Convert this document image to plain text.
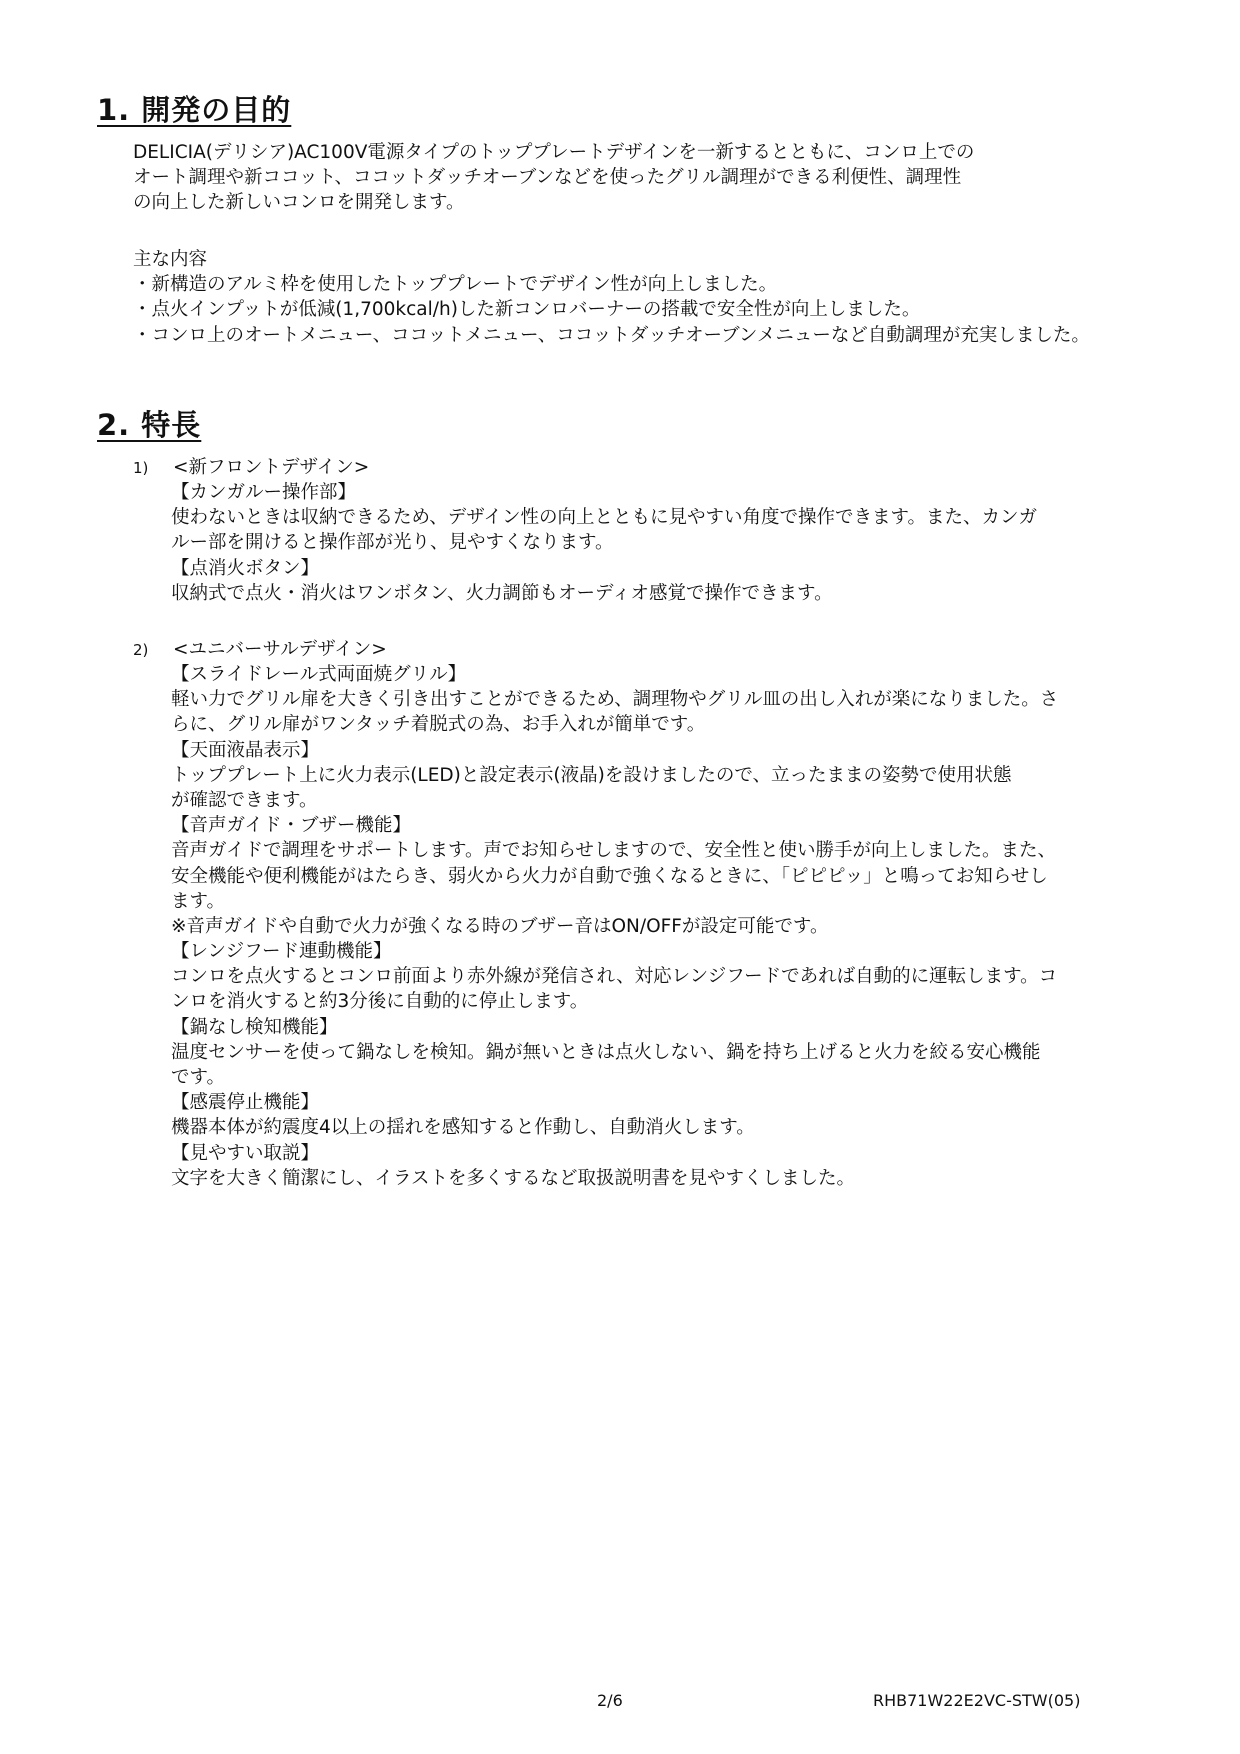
1. 開発の目的
DELICIA(デリシア)AC100V電源タイプのトッププレートデザインを一新するとともに、コンロ上での
オート調理や新ココット、ココットダッチオーブンなどを使ったグリル調理ができる利便性、調理性
の向上した新しいコンロを開発します。
主な内容
・新構造のアルミ枠を使用したトッププレートでデザイン性が向上しました。
・点火インプットが低減(1,700kcal/h)した新コンロバーナーの搭載で安全性が向上しました。
・コンロ上のオートメニュー、ココットメニュー、ココットダッチオーブンメニューなど自動調理が充実しました。
2. 特長
1) <新フロントデザイン>
【カンガルー操作部】
使わないときは収納できるため、デザイン性の向上とともに見やすい角度で操作できます。また、カンガ
ルー部を開けると操作部が光り、見やすくなります。
【点消火ボタン】
収納式で点火・消火はワンボタン、火力調節もオーディオ感覚で操作できます。
2) <ユニバーサルデザイン>
【スライドレール式両面焼グリル】
軽い力でグリル扉を大きく引き出すことができるため、調理物やグリル皿の出し入れが楽になりました。さ
らに、グリル扉がワンタッチ着脱式の為、お手入れが簡単です。
【天面液晶表示】
トッププレート上に火力表示(LED)と設定表示(液晶)を設けましたので、立ったままの姿勢で使用状態
が確認できます。
【音声ガイド・ブザー機能】
音声ガイドで調理をサポートします。声でお知らせしますので、安全性と使い勝手が向上しました。また、
安全機能や便利機能がはたらき、弱火から火力が自動で強くなるときに、「ピピピッ」と鳴ってお知らせし
ます。
※音声ガイドや自動で火力が強くなる時のブザー音はON/OFFが設定可能です。
【レンジフード連動機能】
コンロを点火するとコンロ前面より赤外線が発信され、対応レンジフードであれば自動的に運転します。コ
ンロを消火すると約3分後に自動的に停止します。
【鍋なし検知機能】
温度センサーを使って鍋なしを検知。鍋が無いときは点火しない、鍋を持ち上げると火力を絞る安心機能
です。
【感震停止機能】
機器本体が約震度4以上の揺れを感知すると作動し、自動消火します。
【見やすい取説】
文字を大きく簡潔にし、イラストを多くするなど取扱説明書を見やすくしました。
2/6	RHB71W22E2VC-STW(05)
